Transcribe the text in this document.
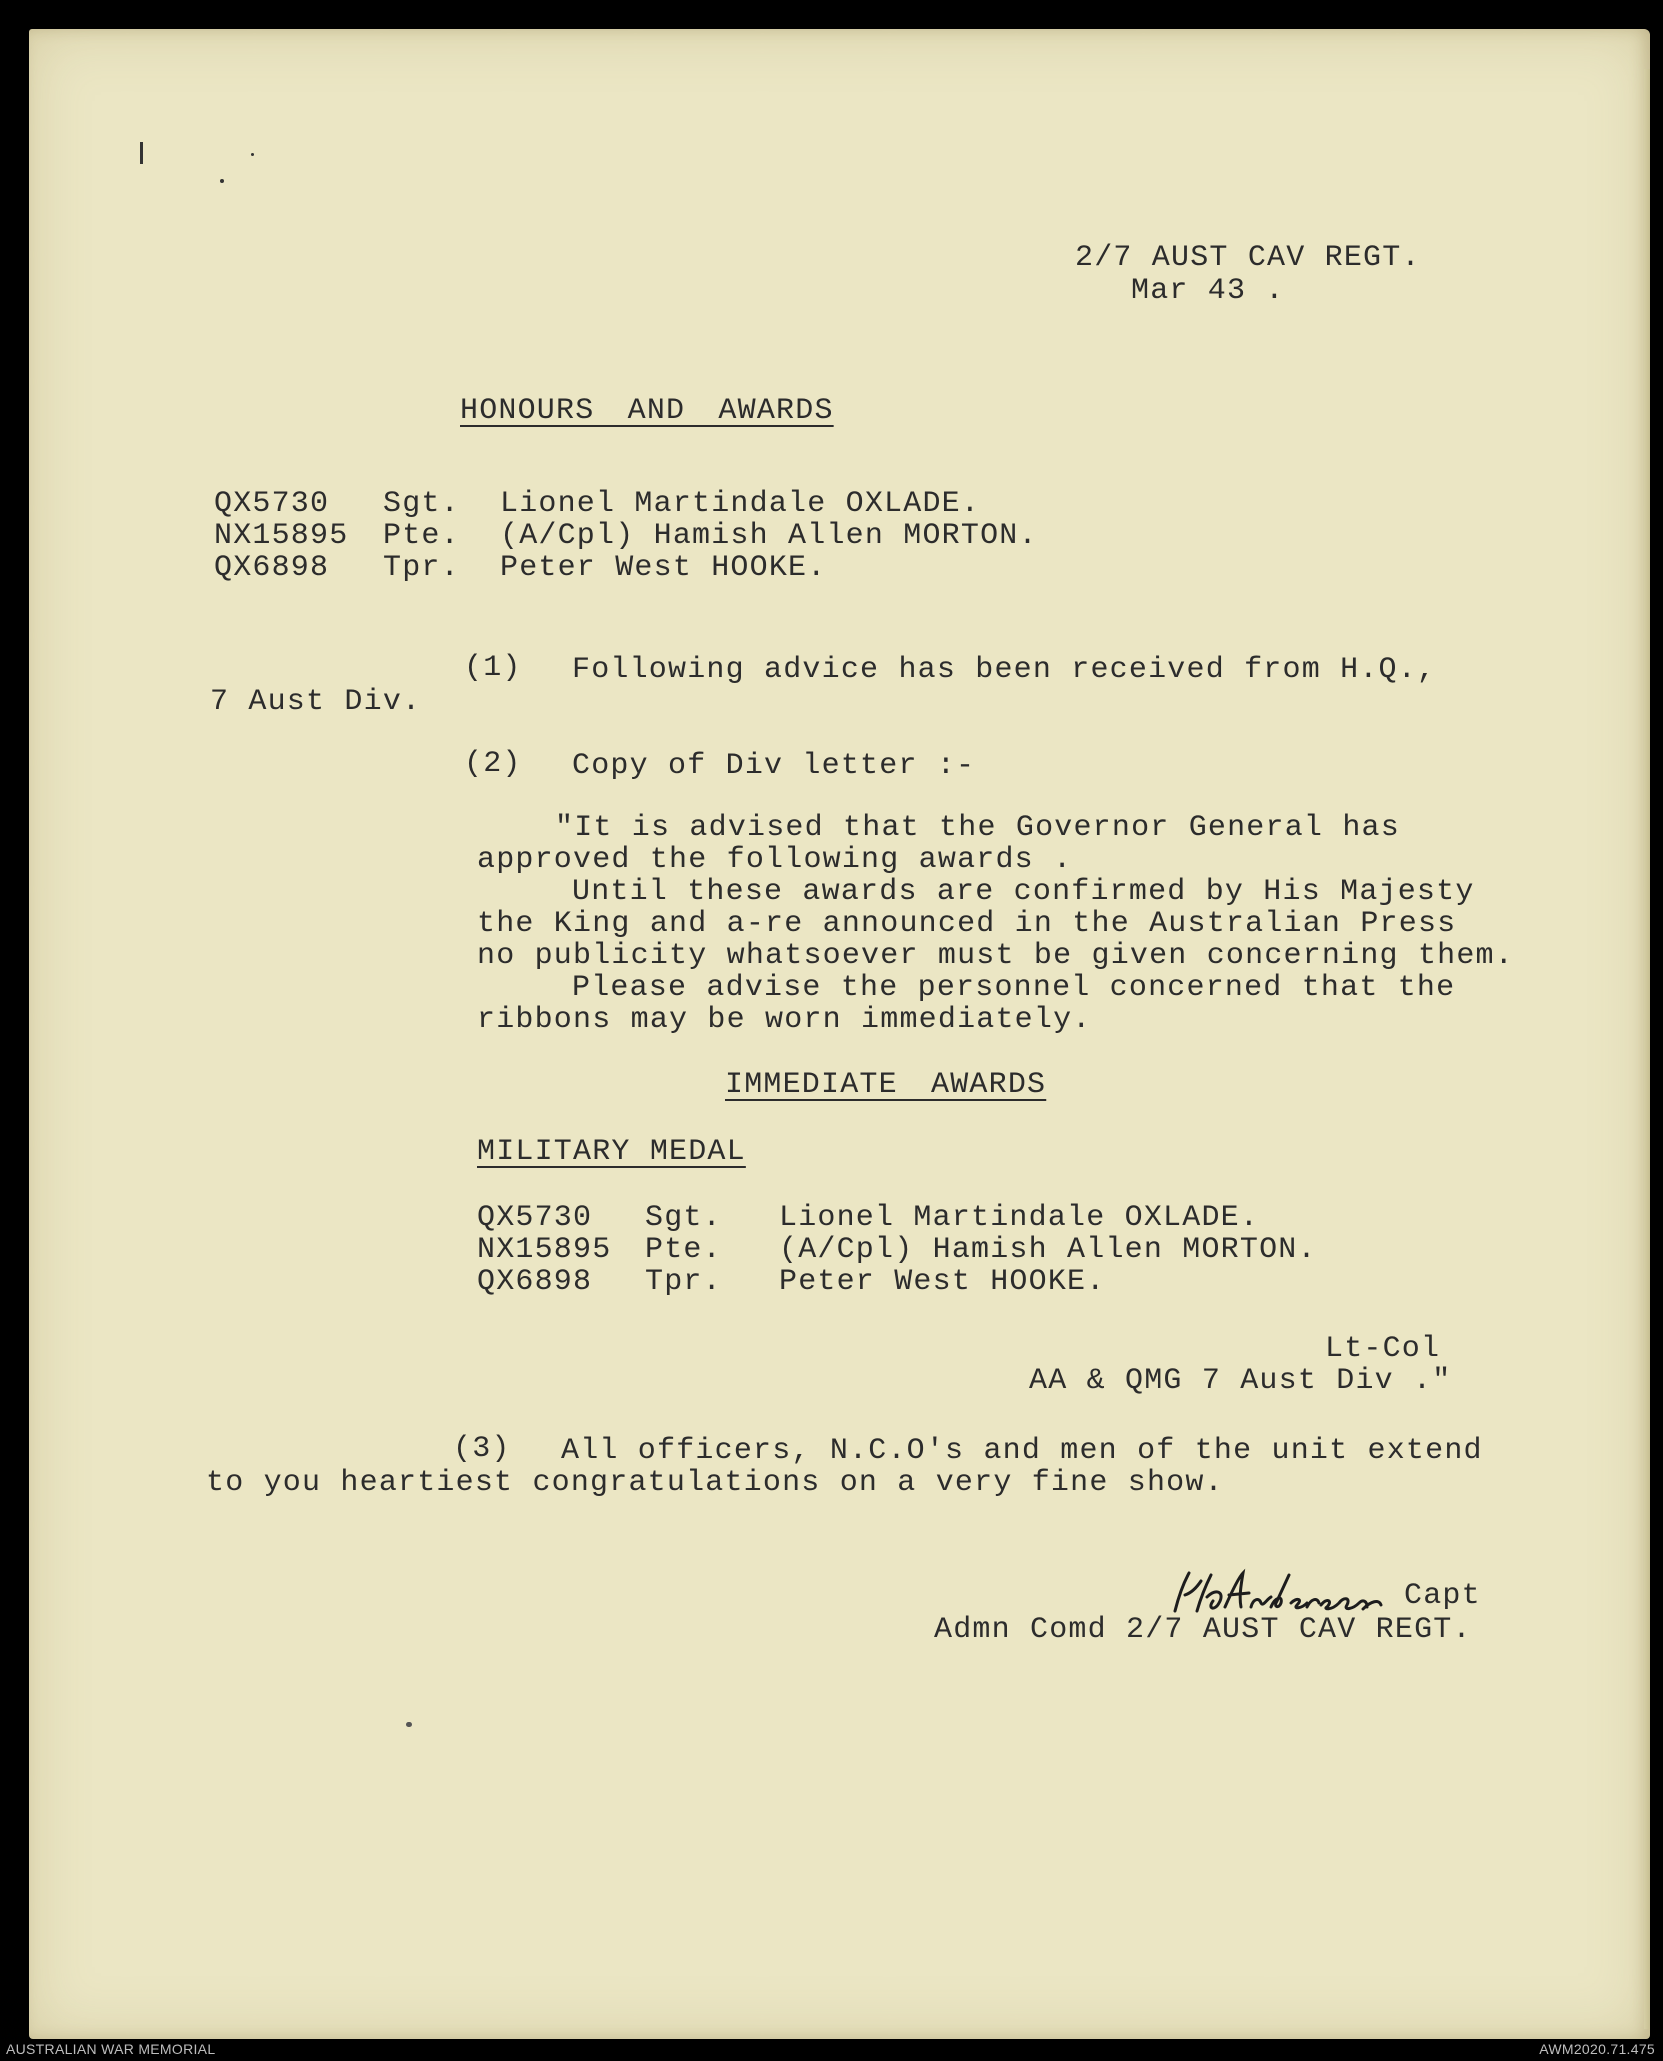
2/7 AUST CAV REGT.
Mar 43 .
HONOURS AND AWARDS
QX5730 Sgt. Lionel Martindale OXLADE.
NX15895 Pte. (A/Cpl) Hamish Allen MORTON.
QX6898 Tpr. Peter West HOOKE.
(1) Following advice has been received from H.Q.,
7 Aust Div.
(2) Copy of Div letter :-
"It is advised that the Governor General has
approved the following awards .
Until these awards are confirmed by His Majesty
the King and a-re announced in the Australian Press
no publicity whatsoever must be given concerning them.
Please advise the personnel concerned that the
ribbons may be worn immediately.
IMMEDIATE AWARDS
MILITARY MEDAL
QX5730 Sgt. Lionel Martindale OXLADE.
NX15895 Pte. (A/Cpl) Hamish Allen MORTON.
QX6898 Tpr. Peter West HOOKE.
Lt-Col
AA & QMG 7 Aust Div ."
(3) All officers, N.C.O's and men of the unit extend
to you heartiest congratulations on a very fine show.
Capt
Admn Comd 2/7 AUST CAV REGT.
AUSTRALIAN WAR MEMORIAL	AWM2020.71.475
